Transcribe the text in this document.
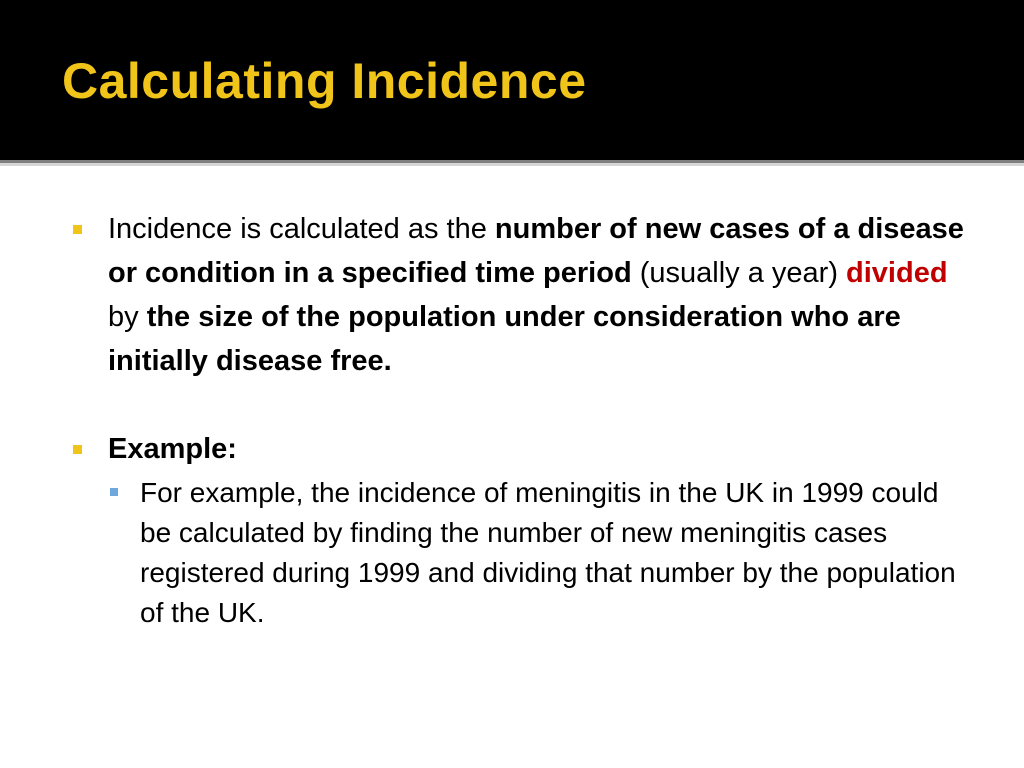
Calculating Incidence
Incidence is calculated as the number of new cases of a disease or condition in a specified time period (usually a year) divided by the size of the population under consideration who are initially disease free.
Example:
For example, the incidence of meningitis in the UK in 1999 could be calculated by finding the number of new meningitis cases registered during 1999 and dividing that number by the population of the UK.
